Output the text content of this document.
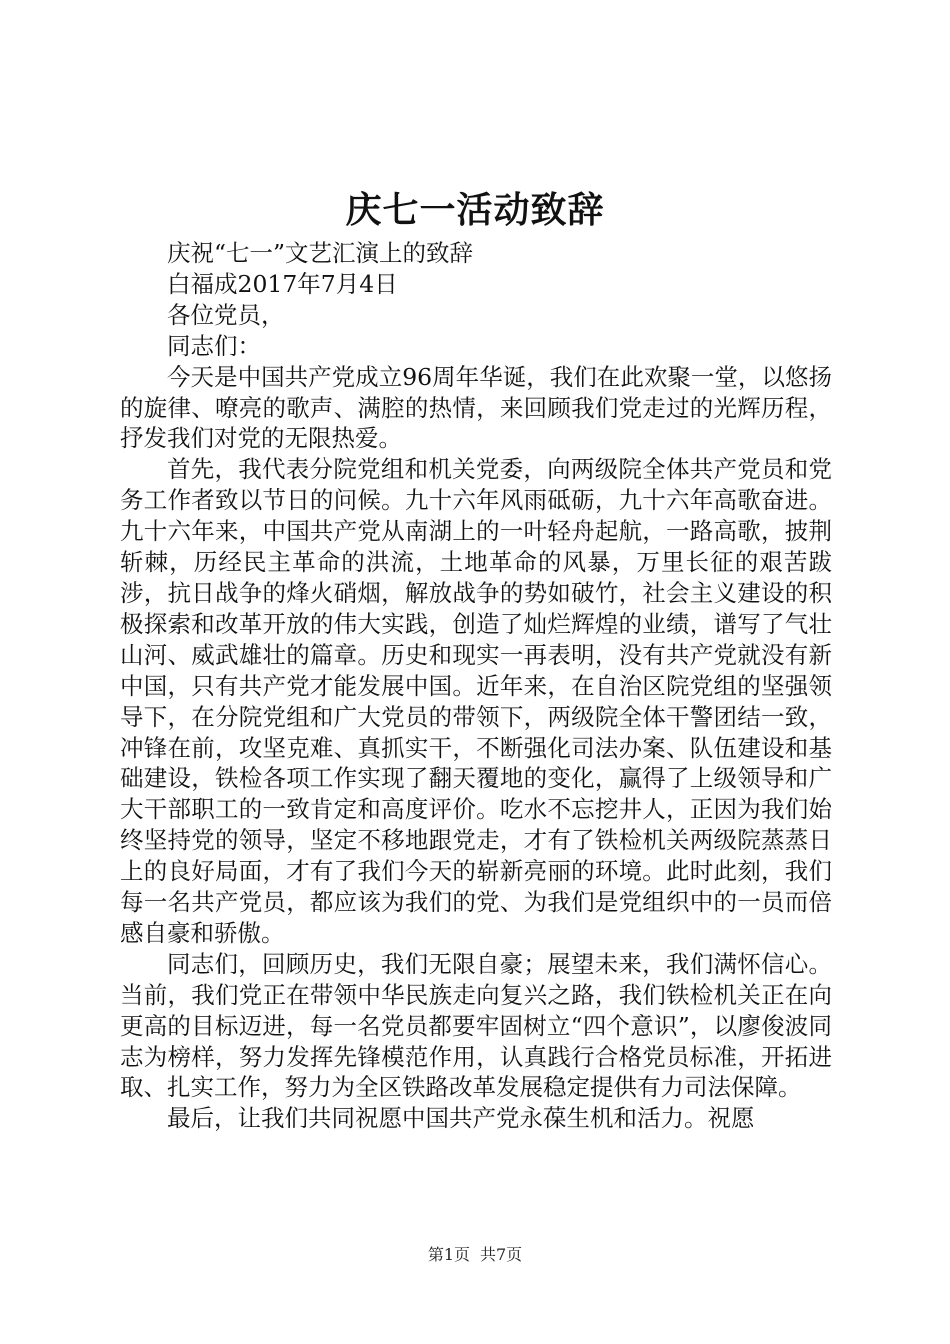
庆七一活动致辞

庆祝“七一”文艺汇演上的致辞

白福成2017年7月4日

各位党员，

同志们：

今天是中国共产党成立96周年华诞，我们在此欢聚一堂，以悠扬的旋律、嘹亮的歌声、满腔的热情，来回顾我们党走过的光辉历程，抒发我们对党的无限热爱。

首先，我代表分院党组和机关党委，向两级院全体共产党员和党务工作者致以节日的问候。九十六年风雨砥砺，九十六年高歌奋进。九十六年来，中国共产党从南湖上的一叶轻舟起航，一路高歌，披荆斩棘，历经民主革命的洪流，土地革命的风暴，万里长征的艰苦跋涉，抗日战争的烽火硝烟，解放战争的势如破竹，社会主义建设的积极探索和改革开放的伟大实践，创造了灿烂辉煌的业绩，谱写了气壮山河、威武雄壮的篇章。历史和现实一再表明，没有共产党就没有新中国，只有共产党才能发展中国。近年来，在自治区院党组的坚强领导下，在分院党组和广大党员的带领下，两级院全体干警团结一致，冲锋在前，攻坚克难、真抓实干，不断强化司法办案、队伍建设和基础建设，铁检各项工作实现了翻天覆地的变化，赢得了上级领导和广大干部职工的一致肯定和高度评价。吃水不忘挖井人，正因为我们始终坚持党的领导，坚定不移地跟党走，才有了铁检机关两级院蒸蒸日上的良好局面，才有了我们今天的崭新亮丽的环境。此时此刻，我们每一名共产党员，都应该为我们的党、为我们是党组织中的一员而倍感自豪和骄傲。

同志们，回顾历史，我们无限自豪；展望未来，我们满怀信心。当前，我们党正在带领中华民族走向复兴之路，我们铁检机关正在向更高的目标迈进，每一名党员都要牢固树立“四个意识”，以廖俊波同志为榜样，努力发挥先锋模范作用，认真践行合格党员标准，开拓进取、扎实工作，努力为全区铁路改革发展稳定提供有力司法保障。

最后，让我们共同祝愿中国共产党永葆生机和活力。祝愿

第1页 共7页
